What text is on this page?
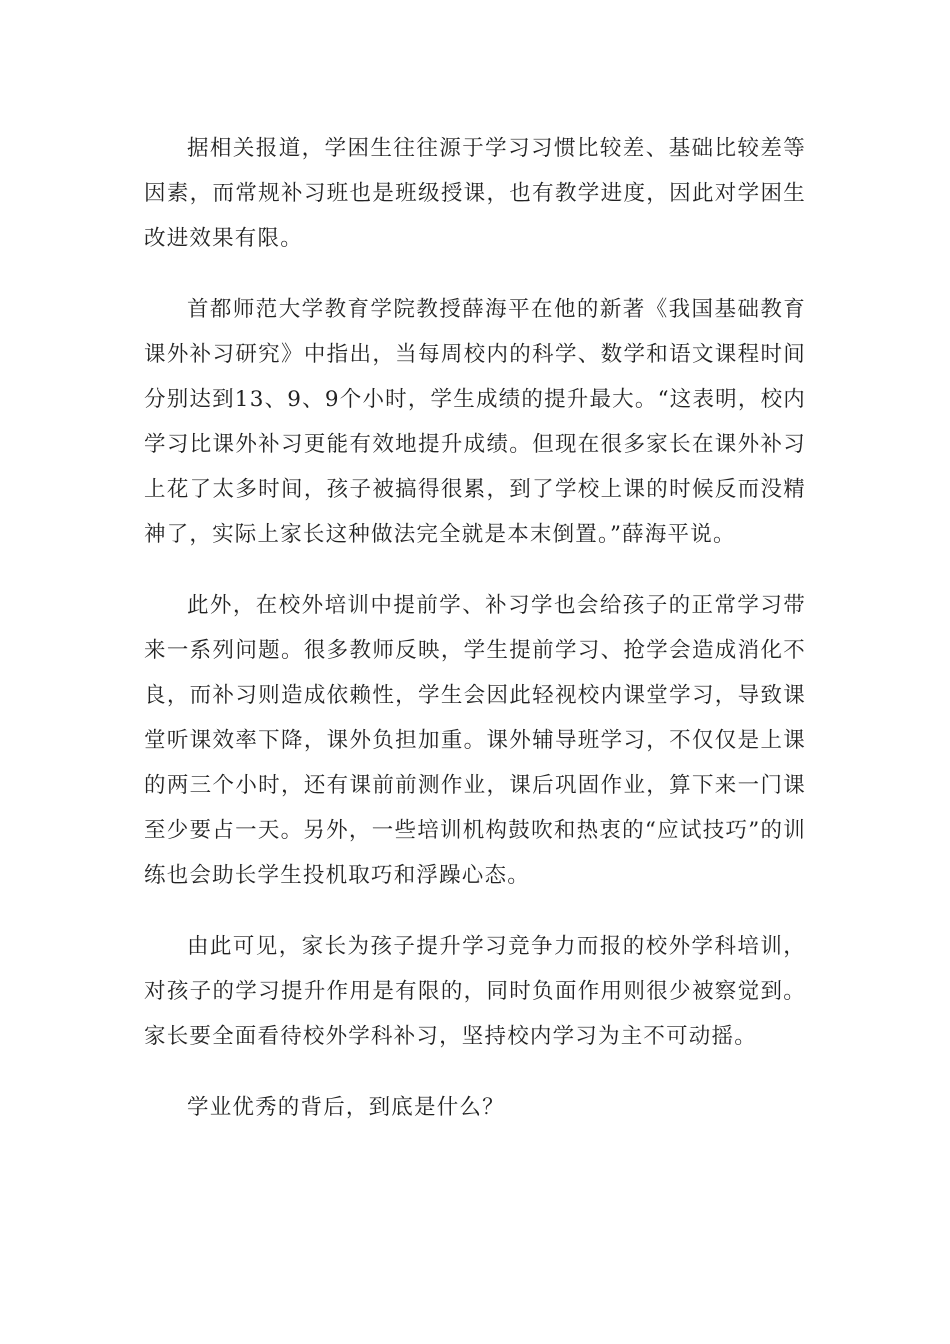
据相关报道，学困生往往源于学习习惯比较差、基础比较差等因素，而常规补习班也是班级授课，也有教学进度，因此对学困生改进效果有限。

首都师范大学教育学院教授薛海平在他的新著《我国基础教育课外补习研究》中指出，当每周校内的科学、数学和语文课程时间分别达到13、9、9个小时，学生成绩的提升最大。“这表明，校内学习比课外补习更能有效地提升成绩。但现在很多家长在课外补习上花了太多时间，孩子被搞得很累，到了学校上课的时候反而没精神了，实际上家长这种做法完全就是本末倒置。”薛海平说。

此外，在校外培训中提前学、补习学也会给孩子的正常学习带来一系列问题。很多教师反映，学生提前学习、抢学会造成消化不良，而补习则造成依赖性，学生会因此轻视校内课堂学习，导致课堂听课效率下降，课外负担加重。课外辅导班学习，不仅仅是上课的两三个小时，还有课前前测作业，课后巩固作业，算下来一门课至少要占一天。另外，一些培训机构鼓吹和热衷的“应试技巧”的训练也会助长学生投机取巧和浮躁心态。

由此可见，家长为孩子提升学习竞争力而报的校外学科培训，对孩子的学习提升作用是有限的，同时负面作用则很少被察觉到。家长要全面看待校外学科补习，坚持校内学习为主不可动摇。

学业优秀的背后，到底是什么？
